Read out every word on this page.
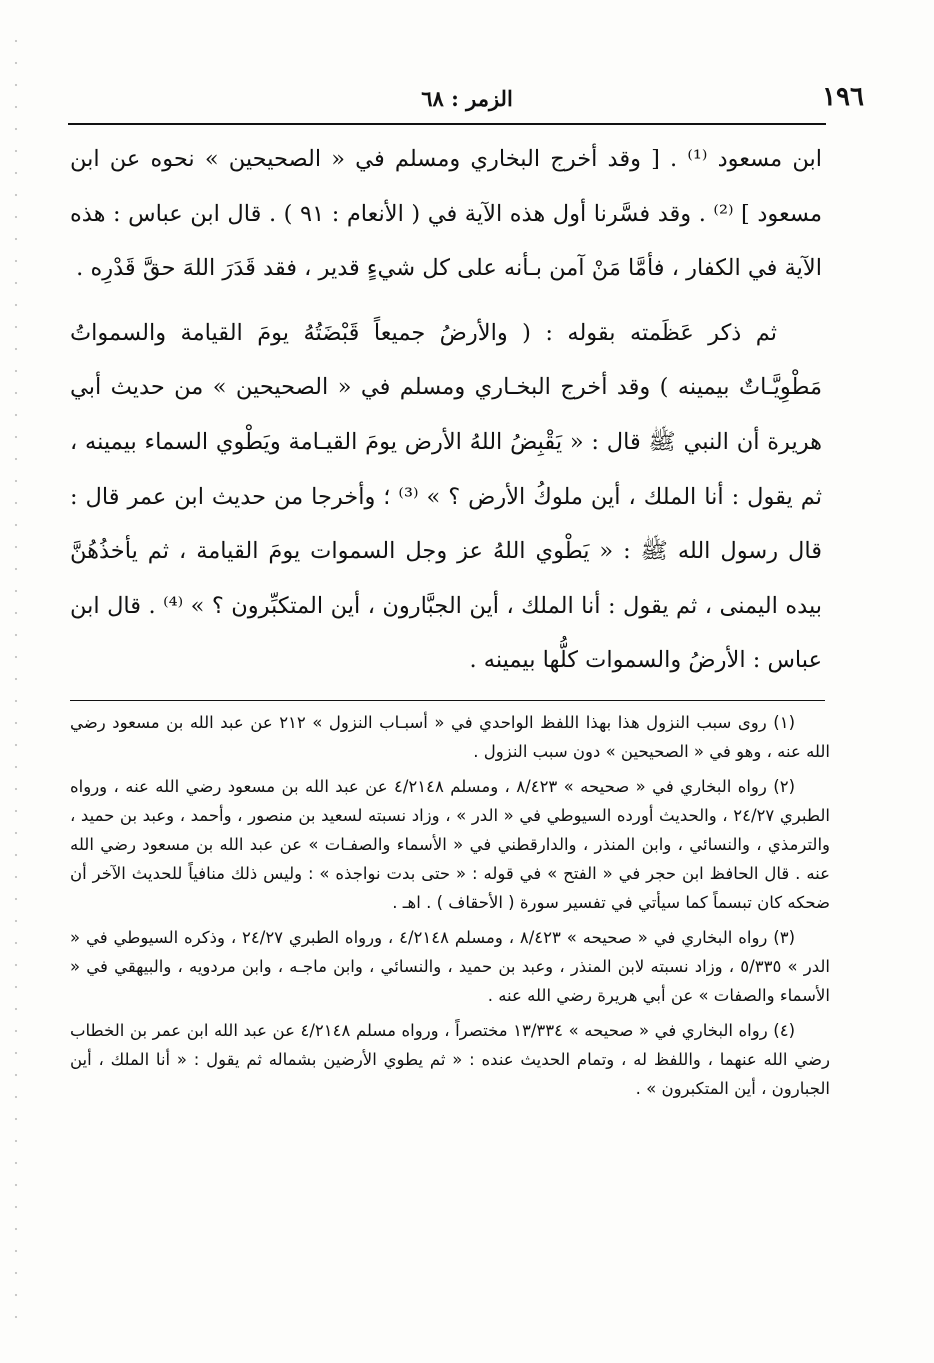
١٩٦
الزمر : ٦٨

ابن مسعود ⁽¹⁾ . [ وقد أخرج البخاري ومسلم في « الصحيحين » نحوه عن ابن مسعود ] ⁽²⁾ . وقد فسَّرنا أول هذه الآية في ( الأنعام : ٩١ ) . قال ابن عباس : هذه الآية في الكفار ، فأمَّا مَنْ آمن بـأنه على كل شيءٍ قدير ، فقد قَدَرَ اللهَ حقَّ قَدْرِه .

ثم ذكر عَظَمته بقوله : ( والأرضُ جميعاً قَبْضَتُهُ يومَ القيامة والسمواتُ مَطْوِيَّـاتٌ بيمينه ) وقد أخرج البخـاري ومسلم في « الصحيحين » من حديث أبي هريرة أن النبي ﷺ قال : « يَقْبِضُ اللهُ الأرض يومَ القيـامة ويَطْوي السماء بيمينه ، ثم يقول : أنا الملك ، أين ملوكُ الأرض ؟ » ⁽³⁾ ؛ وأخرجا من حديث ابن عمر قال : قال رسول الله ﷺ : « يَطْوي اللهُ عز وجل السموات يومَ القيامة ، ثم يأخذُهُنَّ بيده اليمنى ، ثم يقول : أنا الملك ، أين الجبَّارون ، أين المتكبِّرون ؟ » ⁽⁴⁾ . قال ابن عباس : الأرضُ والسموات كلُّها بيمينه .

(١) روى سبب النزول هذا بهذا اللفظ الواحدي في « أسبـاب النزول » ٢١٢ عن عبد الله بن مسعود رضي الله عنه ، وهو في « الصحيحين » دون سبب النزول .

(٢) رواه البخاري في « صحيحه » ٨/٤٢٣ ، ومسلم ٤/٢١٤٨ عن عبد الله بن مسعود رضي الله عنه ، ورواه الطبري ٢٤/٢٧ ، والحديث أورده السيوطي في « الدر » ، وزاد نسبته لسعيد بن منصور ، وأحمد ، وعبد بن حميد ، والترمذي ، والنسائي ، وابن المنذر ، والدارقطني في « الأسماء والصفـات » عن عبد الله بن مسعود رضي الله عنه . قال الحافظ ابن حجر في « الفتح » في قوله : « حتى بدت نواجذه » : وليس ذلك منافياً للحديث الآخر أن ضحكه كان تبسماً كما سيأتي في تفسير سورة ( الأحقاف ) . اهـ .

(٣) رواه البخاري في « صحيحه » ٨/٤٢٣ ، ومسلم ٤/٢١٤٨ ، ورواه الطبري ٢٤/٢٧ ، وذكره السيوطي في « الدر » ٥/٣٣٥ ، وزاد نسبته لابن المنذر ، وعبد بن حميد ، والنسائي ، وابن ماجـه ، وابن مردويه ، والبيهقي في « الأسماء والصفات » عن أبي هريرة رضي الله عنه .

(٤) رواه البخاري في « صحيحه » ١٣/٣٣٤ مختصراً ، ورواه مسلم ٤/٢١٤٨ عن عبد الله ابن عمر بن الخطاب رضي الله عنهما ، واللفظ له ، وتمام الحديث عنده : « ثم يطوي الأرضين بشماله ثم يقول : « أنا الملك ، أين الجبارون ، أين المتكبرون » .
